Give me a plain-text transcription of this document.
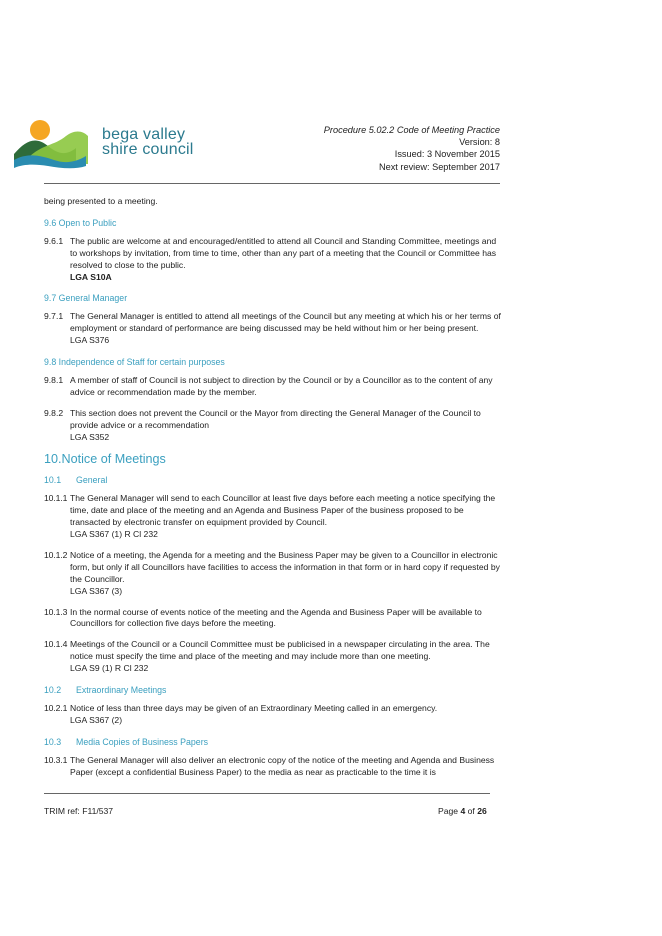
bega valley
shire council
Procedure 5.02.2 Code of Meeting Practice
Version: 8
Issued: 3 November 2015
Next review: September 2017

being presented to a meeting.

9.6 Open to Public
9.6.1 The public are welcome at and encouraged/entitled to attend all Council and Standing Committee, meetings and to workshops by invitation, from time to time, other than any part of a meeting that the Council or Committee has resolved to close to the public.
LGA S10A
9.7 General Manager
9.7.1 The General Manager is entitled to attend all meetings of the Council but any meeting at which his or her terms of employment or standard of performance are being discussed may be held without him or her being present.
LGA S376
9.8 Independence of Staff for certain purposes
9.8.1 A member of staff of Council is not subject to direction by the Council or by a Councillor as to the content of any advice or recommendation made by the member.
9.8.2 This section does not prevent the Council or the Mayor from directing the General Manager of the Council to provide advice or a recommendation
LGA S352
10.Notice of Meetings
10.1 General
10.1.1 The General Manager will send to each Councillor at least five days before each meeting a notice specifying the time, date and place of the meeting and an Agenda and Business Paper of the business proposed to be transacted by electronic transfer on equipment provided by Council.
LGA S367 (1) R Cl 232
10.1.2 Notice of a meeting, the Agenda for a meeting and the Business Paper may be given to a Councillor in electronic form, but only if all Councillors have facilities to access the information in that form or in hard copy if requested by the Councillor.
LGA S367 (3)
10.1.3 In the normal course of events notice of the meeting and the Agenda and Business Paper will be available to Councillors for collection five days before the meeting.
10.1.4 Meetings of the Council or a Council Committee must be publicised in a newspaper circulating in the area. The notice must specify the time and place of the meeting and may include more than one meeting.
LGA S9 (1) R Cl 232
10.2 Extraordinary Meetings
10.2.1 Notice of less than three days may be given of an Extraordinary Meeting called in an emergency.
LGA S367 (2)
10.3 Media Copies of Business Papers
10.3.1 The General Manager will also deliver an electronic copy of the notice of the meeting and Agenda and Business Paper (except a confidential Business Paper) to the media as near as practicable to the time it is
TRIM ref: F11/537	Page 4 of 26
